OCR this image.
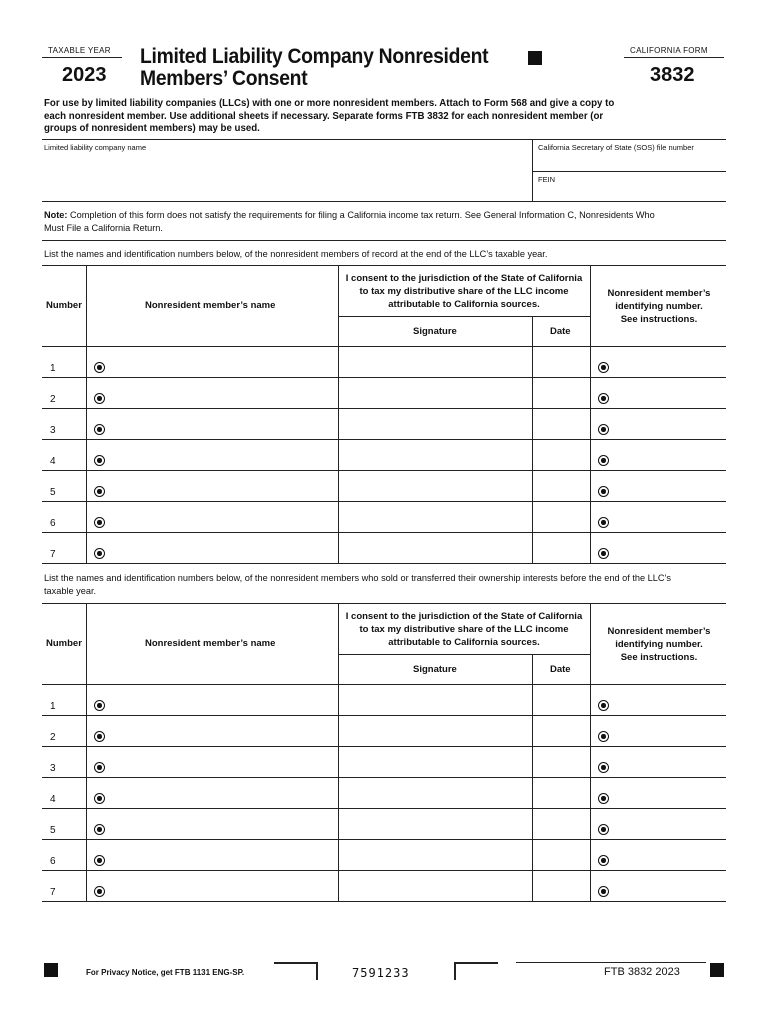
TAXABLE YEAR
2023
Limited Liability Company Nonresident
Members’ Consent
CALIFORNIA FORM
3832
For use by limited liability companies (LLCs) with one or more nonresident members. Attach to Form 568 and give a copy to
each nonresident member. Use additional sheets if necessary. Separate forms FTB 3832 for each nonresident member (or
groups of nonresident members) may be used.
Limited liability company name	California Secretary of State (SOS) file number
FEIN
Note: Completion of this form does not satisfy the requirements for filing a California income tax return. See General Information C, Nonresidents Who
Must File a California Return.
List the names and identification numbers below, of the nonresident members of record at the end of the LLC’s taxable year.
Number	Nonresident member’s name
I consent to the jurisdiction of the State of California
to tax my distributive share of the LLC income
attributable to California sources.
Signature	Date
Nonresident member’s
identifying number.
See instructions.
1
2
3
4
5
6
7
List the names and identification numbers below, of the nonresident members who sold or transferred their ownership interests before the end of the LLC’s
taxable year.
Number	Nonresident member’s name
I consent to the jurisdiction of the State of California
to tax my distributive share of the LLC income
attributable to California sources.
Signature	Date
Nonresident member’s
identifying number.
See instructions.
1
2
3
4
5
6
7
For Privacy Notice, get FTB 1131 ENG-SP.	7591233	FTB 3832 2023
